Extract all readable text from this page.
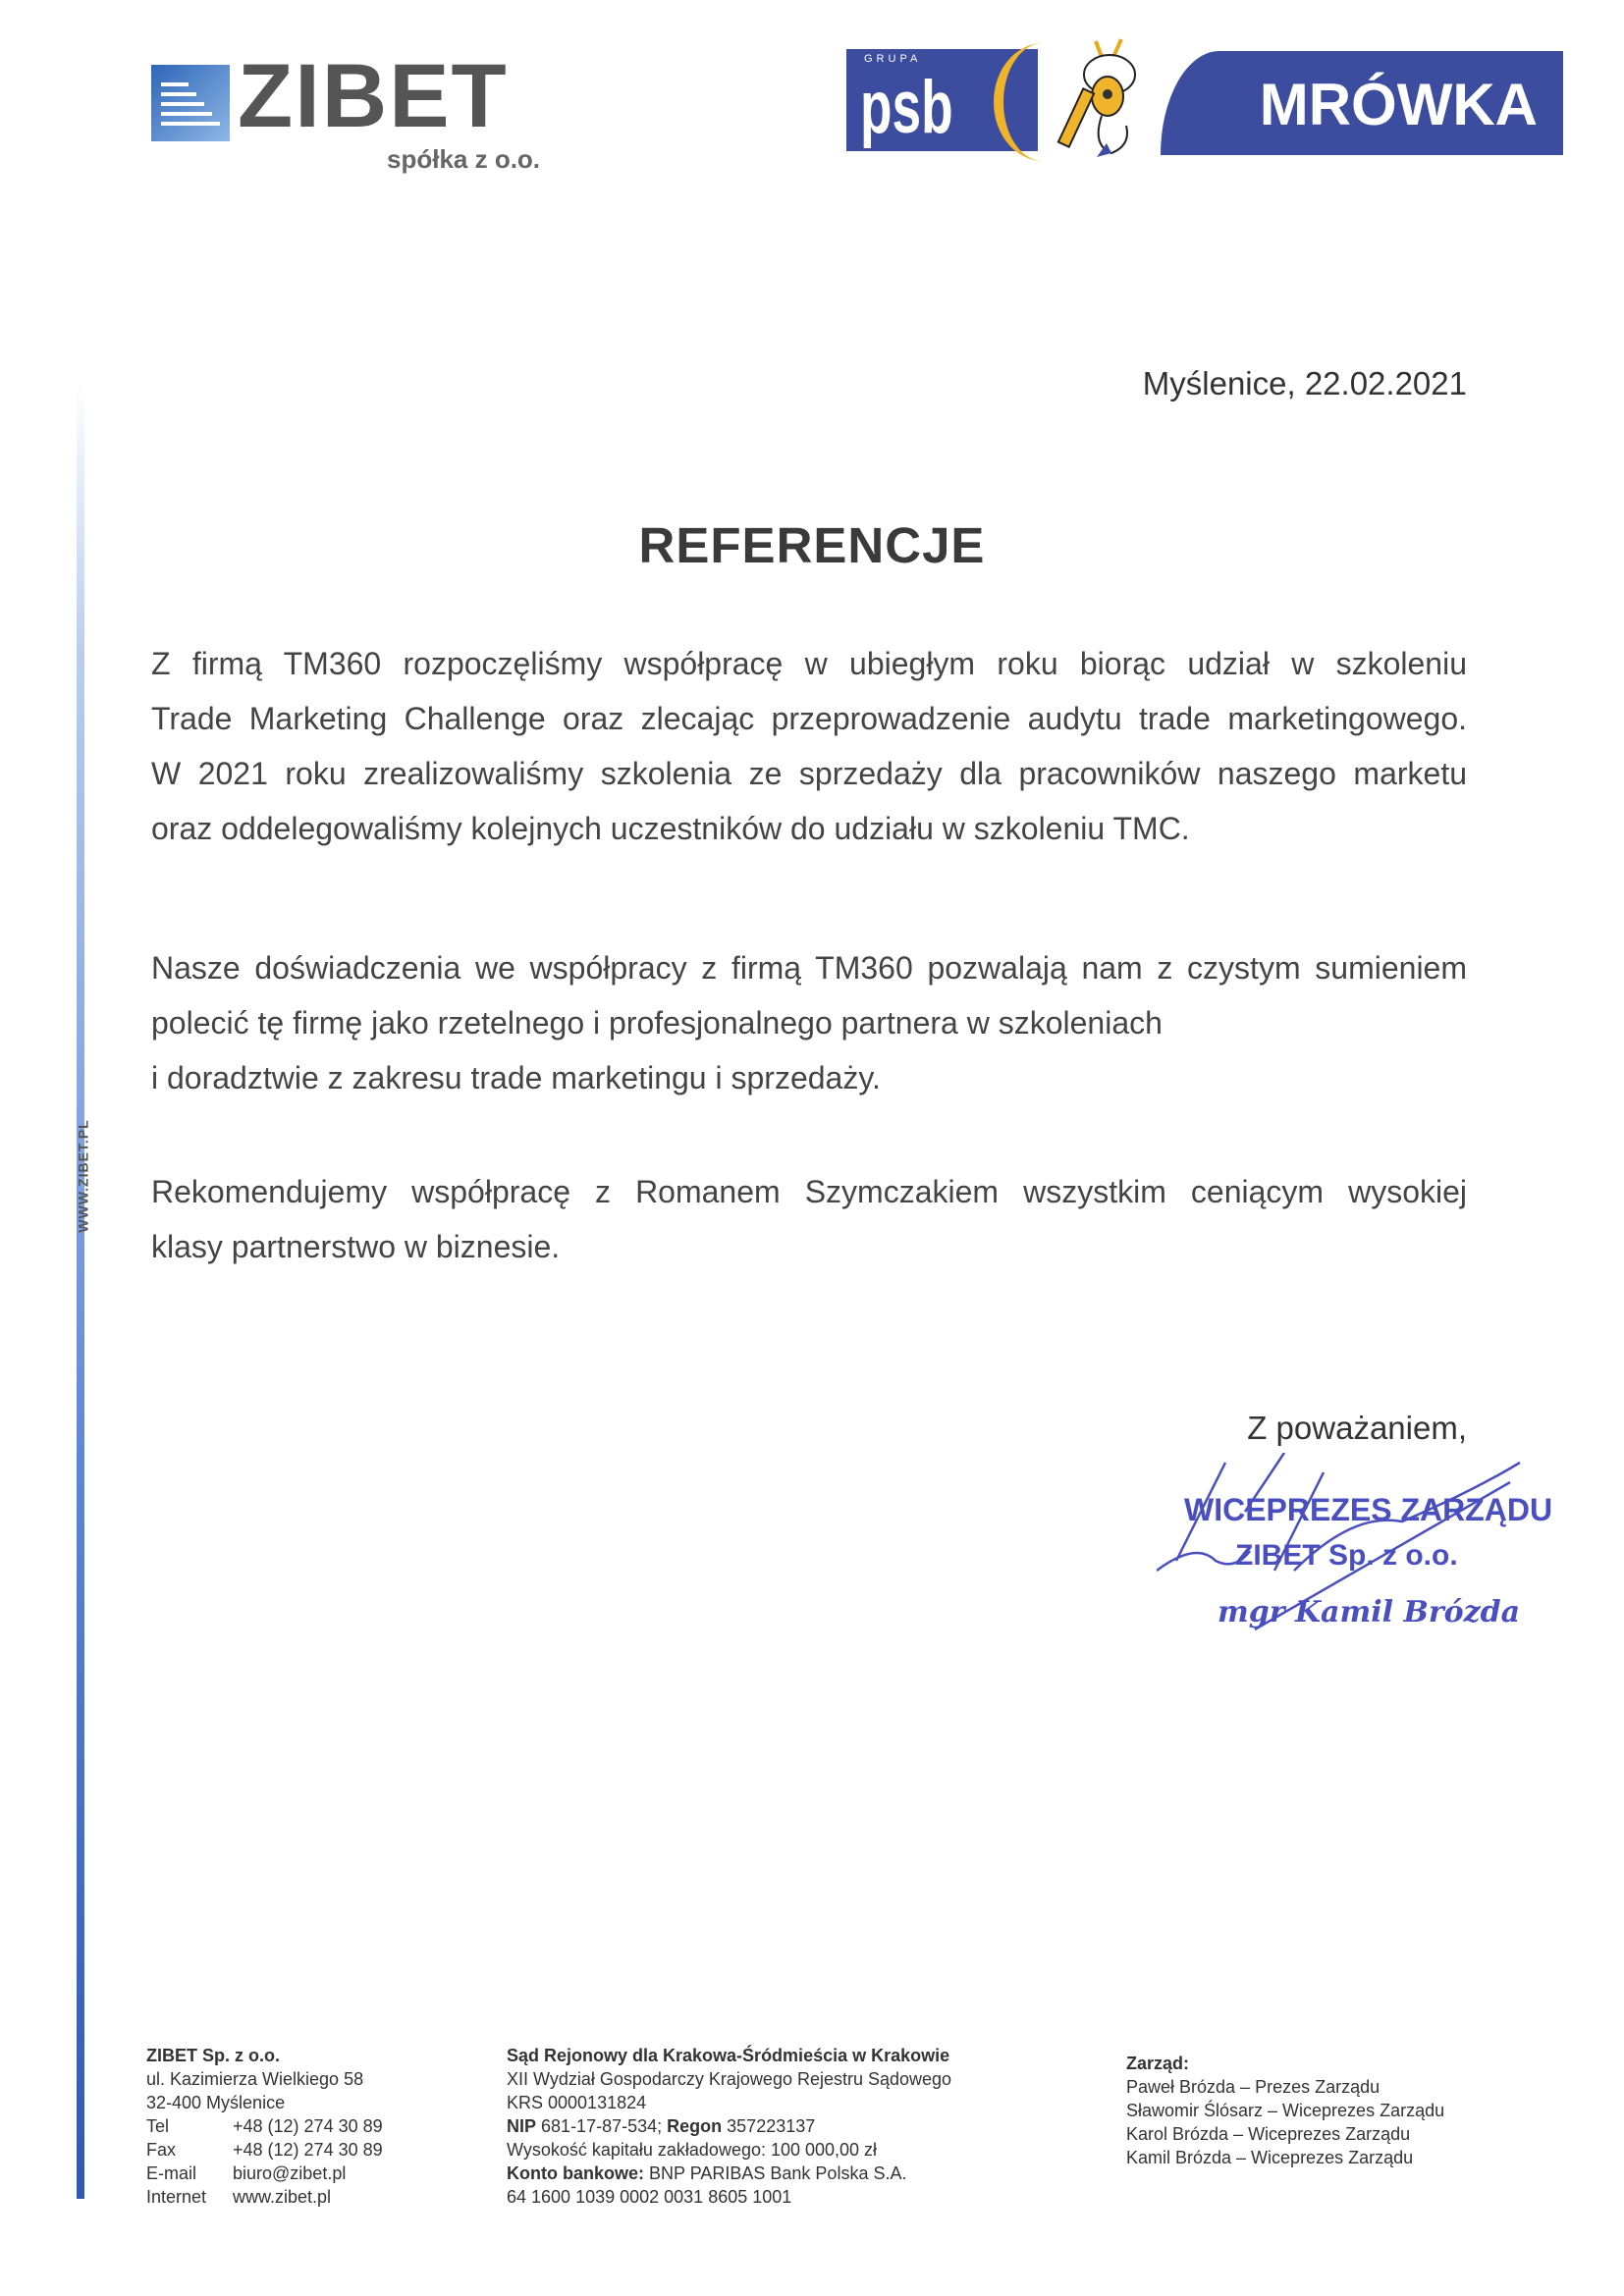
ZIBET
spółka z o.o.
GRUPA
psb	MRÓWKA
WWW.ZIBET.PL
Myślenice, 22.02.2021
REFERENCJE
Z firmą TM360 rozpoczęliśmy współpracę w ubiegłym roku biorąc udział w szkoleniu
Trade Marketing Challenge oraz zlecając przeprowadzenie audytu trade marketingowego.
W 2021 roku zrealizowaliśmy szkolenia ze sprzedaży dla pracowników naszego marketu
oraz oddelegowaliśmy kolejnych uczestników do udziału w szkoleniu TMC.
Nasze doświadczenia we współpracy z firmą TM360 pozwalają nam z czystym sumieniem
polecić tę firmę jako rzetelnego i profesjonalnego partnera w szkoleniach
i doradztwie z zakresu trade marketingu i sprzedaży.
Rekomendujemy współpracę z Romanem Szymczakiem wszystkim ceniącym wysokiej
klasy partnerstwo w biznesie.
Z poważaniem,
WICEPREZES ZARZĄDU
ZIBET Sp. z o.o.
mgr Kamil Brózda
ZIBET Sp. z o.o.
ul. Kazimierza Wielkiego 58
32-400 Myślenice
Tel	+48 (12) 274 30 89
Fax	+48 (12) 274 30 89
E-mail	biuro@zibet.pl
Internet	www.zibet.pl
Sąd Rejonowy dla Krakowa-Śródmieścia w Krakowie
XII Wydział Gospodarczy Krajowego Rejestru Sądowego
KRS 0000131824
NIP 681-17-87-534; Regon 357223137
Wysokość kapitału zakładowego: 100 000,00 zł
Konto bankowe: BNP PARIBAS Bank Polska S.A.
64 1600 1039 0002 0031 8605 1001
Zarząd:
Paweł Brózda – Prezes Zarządu
Sławomir Ślósarz – Wiceprezes Zarządu
Karol Brózda – Wiceprezes Zarządu
Kamil Brózda – Wiceprezes Zarządu
